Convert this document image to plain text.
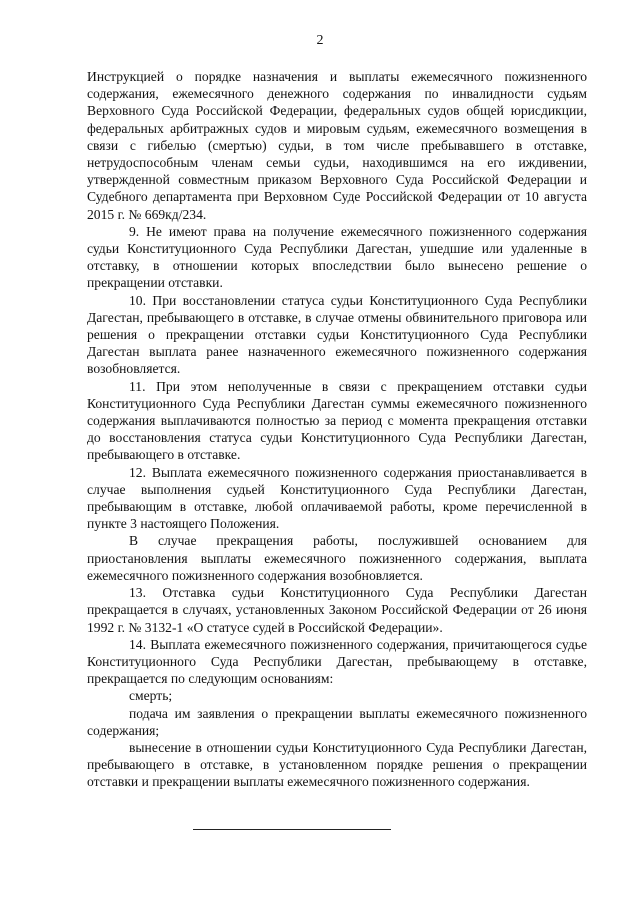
2

Инструкцией о порядке назначения и выплаты ежемесячного пожизненного содержания, ежемесячного денежного содержания по инвалидности судьям Верховного Суда Российской Федерации, федеральных судов общей юрисдикции, федеральных арбитражных судов и мировым судьям, ежемесячного возмещения в связи с гибелью (смертью) судьи, в том числе пребывавшего в отставке, нетрудоспособным членам семьи судьи, находившимся на его иждивении, утвержденной совместным приказом Верховного Суда Российской Федерации и Судебного департамента при Верховном Суде Российской Федерации от 10 августа 2015 г. № 669кд/234.

9. Не имеют права на получение ежемесячного пожизненного содержания судьи Конституционного Суда Республики Дагестан, ушедшие или удаленные в отставку, в отношении которых впоследствии было вынесено решение о прекращении отставки.

10. При восстановлении статуса судьи Конституционного Суда Республики Дагестан, пребывающего в отставке, в случае отмены обвинительного приговора или решения о прекращении отставки судьи Конституционного Суда Республики Дагестан выплата ранее назначенного ежемесячного пожизненного содержания возобновляется.

11. При этом неполученные в связи с прекращением отставки судьи Конституционного Суда Республики Дагестан суммы ежемесячного пожизненного содержания выплачиваются полностью за период с момента прекращения отставки до восстановления статуса судьи Конституционного Суда Республики Дагестан, пребывающего в отставке.

12. Выплата ежемесячного пожизненного содержания приостанавливается в случае выполнения судьей Конституционного Суда Республики Дагестан, пребывающим в отставке, любой оплачиваемой работы, кроме перечисленной в пункте 3 настоящего Положения.

В случае прекращения работы, послужившей основанием для приостановления выплаты ежемесячного пожизненного содержания, выплата ежемесячного пожизненного содержания возобновляется.

13. Отставка судьи Конституционного Суда Республики Дагестан прекращается в случаях, установленных Законом Российской Федерации от 26 июня 1992 г. № 3132-1 «О статусе судей в Российской Федерации».

14. Выплата ежемесячного пожизненного содержания, причитающегося судье Конституционного Суда Республики Дагестан, пребывающему в отставке, прекращается по следующим основаниям:

смерть;

подача им заявления о прекращении выплаты ежемесячного пожизненного содержания;

вынесение в отношении судьи Конституционного Суда Республики Дагестан, пребывающего в отставке, в установленном порядке решения о прекращении отставки и прекращении выплаты ежемесячного пожизненного содержания.
